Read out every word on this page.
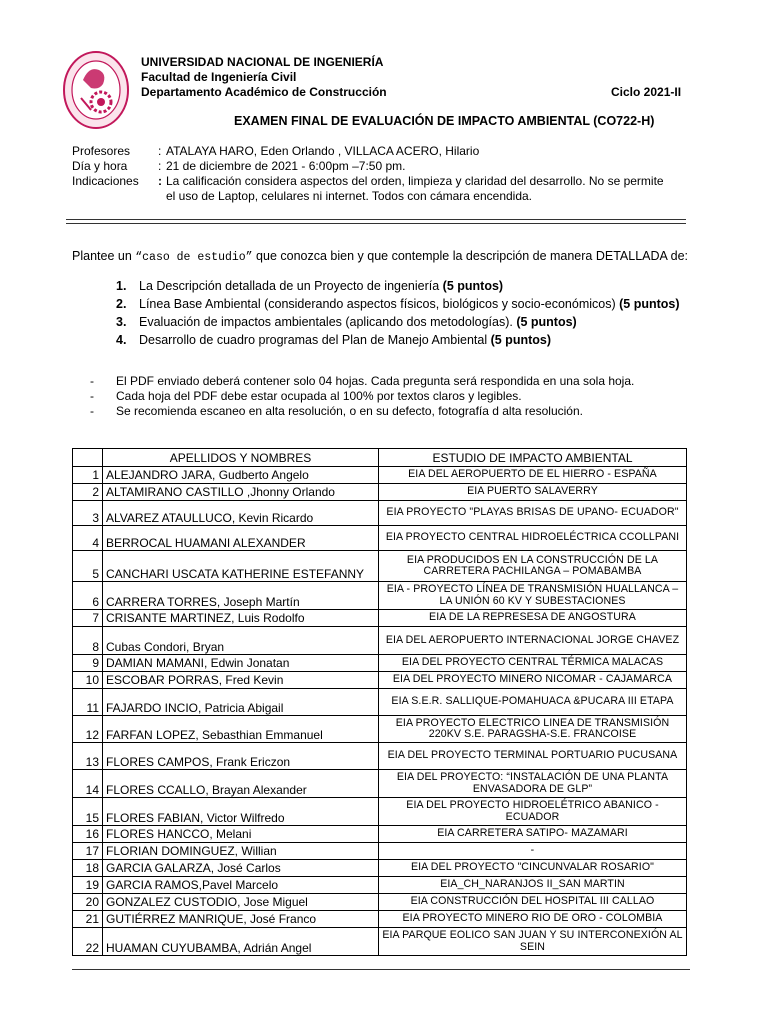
UNIVERSIDAD NACIONAL DE INGENIERÍA
Facultad de Ingeniería Civil
Departamento Académico de Construcción	Ciclo 2021-II
EXAMEN FINAL DE EVALUACIÓN DE IMPACTO AMBIENTAL (CO722-H)
Profesores	: ATALAYA HARO, Eden Orlando , VILLACA ACERO, Hilario
Día y hora	: 21 de diciembre de 2021 - 6:00pm –7:50 pm.
Indicaciones	: La calificación considera aspectos del orden, limpieza y claridad del desarrollo. No se permite
el uso de Laptop, celulares ni internet. Todos con cámara encendida.
Plantee un “caso de estudio” que conozca bien y que contemple la descripción de manera DETALLADA de:
1.	La Descripción detallada de un Proyecto de ingeniería (5 puntos)
2.	Línea Base Ambiental (considerando aspectos físicos, biológicos y socio-económicos) (5 puntos)
3.	Evaluación de impactos ambientales (aplicando dos metodologías). (5 puntos)
4.	Desarrollo de cuadro programas del Plan de Manejo Ambiental (5 puntos)
-	El PDF enviado deberá contener solo 04 hojas. Cada pregunta será respondida en una sola hoja.
-	Cada hoja del PDF debe estar ocupada al 100% por textos claros y legibles.
-	Se recomienda escaneo en alta resolución, o en su defecto, fotografía d alta resolución.
	APELLIDOS Y NOMBRES	ESTUDIO DE IMPACTO AMBIENTAL
1	ALEJANDRO JARA, Gudberto Angelo	EIA DEL AEROPUERTO DE EL HIERRO - ESPAÑA
2	ALTAMIRANO CASTILLO ,Jhonny Orlando	EIA PUERTO SALAVERRY
3	ALVAREZ ATAULLUCO, Kevin Ricardo	EIA PROYECTO "PLAYAS BRISAS DE UPANO- ECUADOR"
4	BERROCAL HUAMANI ALEXANDER	EIA PROYECTO CENTRAL HIDROELÉCTRICA CCOLLPANI
5	CANCHARI USCATA KATHERINE ESTEFANNY	EIA PRODUCIDOS EN LA CONSTRUCCIÓN DE LA CARRETERA PACHILANGA – POMABAMBA
6	CARRERA TORRES, Joseph Martín	EIA - PROYECTO LÍNEA DE TRANSMISIÓN HUALLANCA – LA UNIÓN 60 KV Y SUBESTACIONES
7	CRISANTE MARTINEZ, Luis Rodolfo	EIA DE LA REPRESESA DE ANGOSTURA
8	Cubas Condori, Bryan	EIA DEL AEROPUERTO INTERNACIONAL JORGE CHAVEZ
9	DAMIAN MAMANI, Edwin Jonatan	EIA DEL PROYECTO CENTRAL TÉRMICA MALACAS
10	ESCOBAR PORRAS, Fred Kevin	EIA DEL PROYECTO MINERO NICOMAR - CAJAMARCA
11	FAJARDO INCIO, Patricia Abigail	EIA S.E.R. SALLIQUE-POMAHUACA &PUCARA III ETAPA
12	FARFAN LOPEZ, Sebasthian Emmanuel	EIA PROYECTO ELECTRICO LINEA DE TRANSMISIÓN 220KV S.E. PARAGSHA-S.E. FRANCOISE
13	FLORES CAMPOS, Frank Ericzon	EIA DEL PROYECTO TERMINAL PORTUARIO PUCUSANA
14	FLORES CCALLO, Brayan Alexander	EIA DEL PROYECTO: “INSTALACIÓN DE UNA PLANTA ENVASADORA DE GLP”
15	FLORES FABIAN, Victor Wilfredo	EIA DEL PROYECTO HIDROELÉTRICO ABANICO - ECUADOR
16	FLORES HANCCO, Melani	EIA CARRETERA SATIPO- MAZAMARI
17	FLORIAN DOMINGUEZ, Willian	-
18	GARCIA GALARZA, José Carlos	EIA DEL PROYECTO "CINCUNVALAR ROSARIO"
19	GARCIA RAMOS,Pavel Marcelo	EIA_CH_NARANJOS II_SAN MARTIN
20	GONZALEZ CUSTODIO, Jose Miguel	EIA CONSTRUCCIÓN DEL HOSPITAL III CALLAO
21	GUTIÉRREZ MANRIQUE, José Franco	EIA PROYECTO MINERO RIO DE ORO - COLOMBIA
22	HUAMAN CUYUBAMBA, Adrián Angel	EIA PARQUE EOLICO SAN JUAN Y SU INTERCONEXIÓN AL SEIN
